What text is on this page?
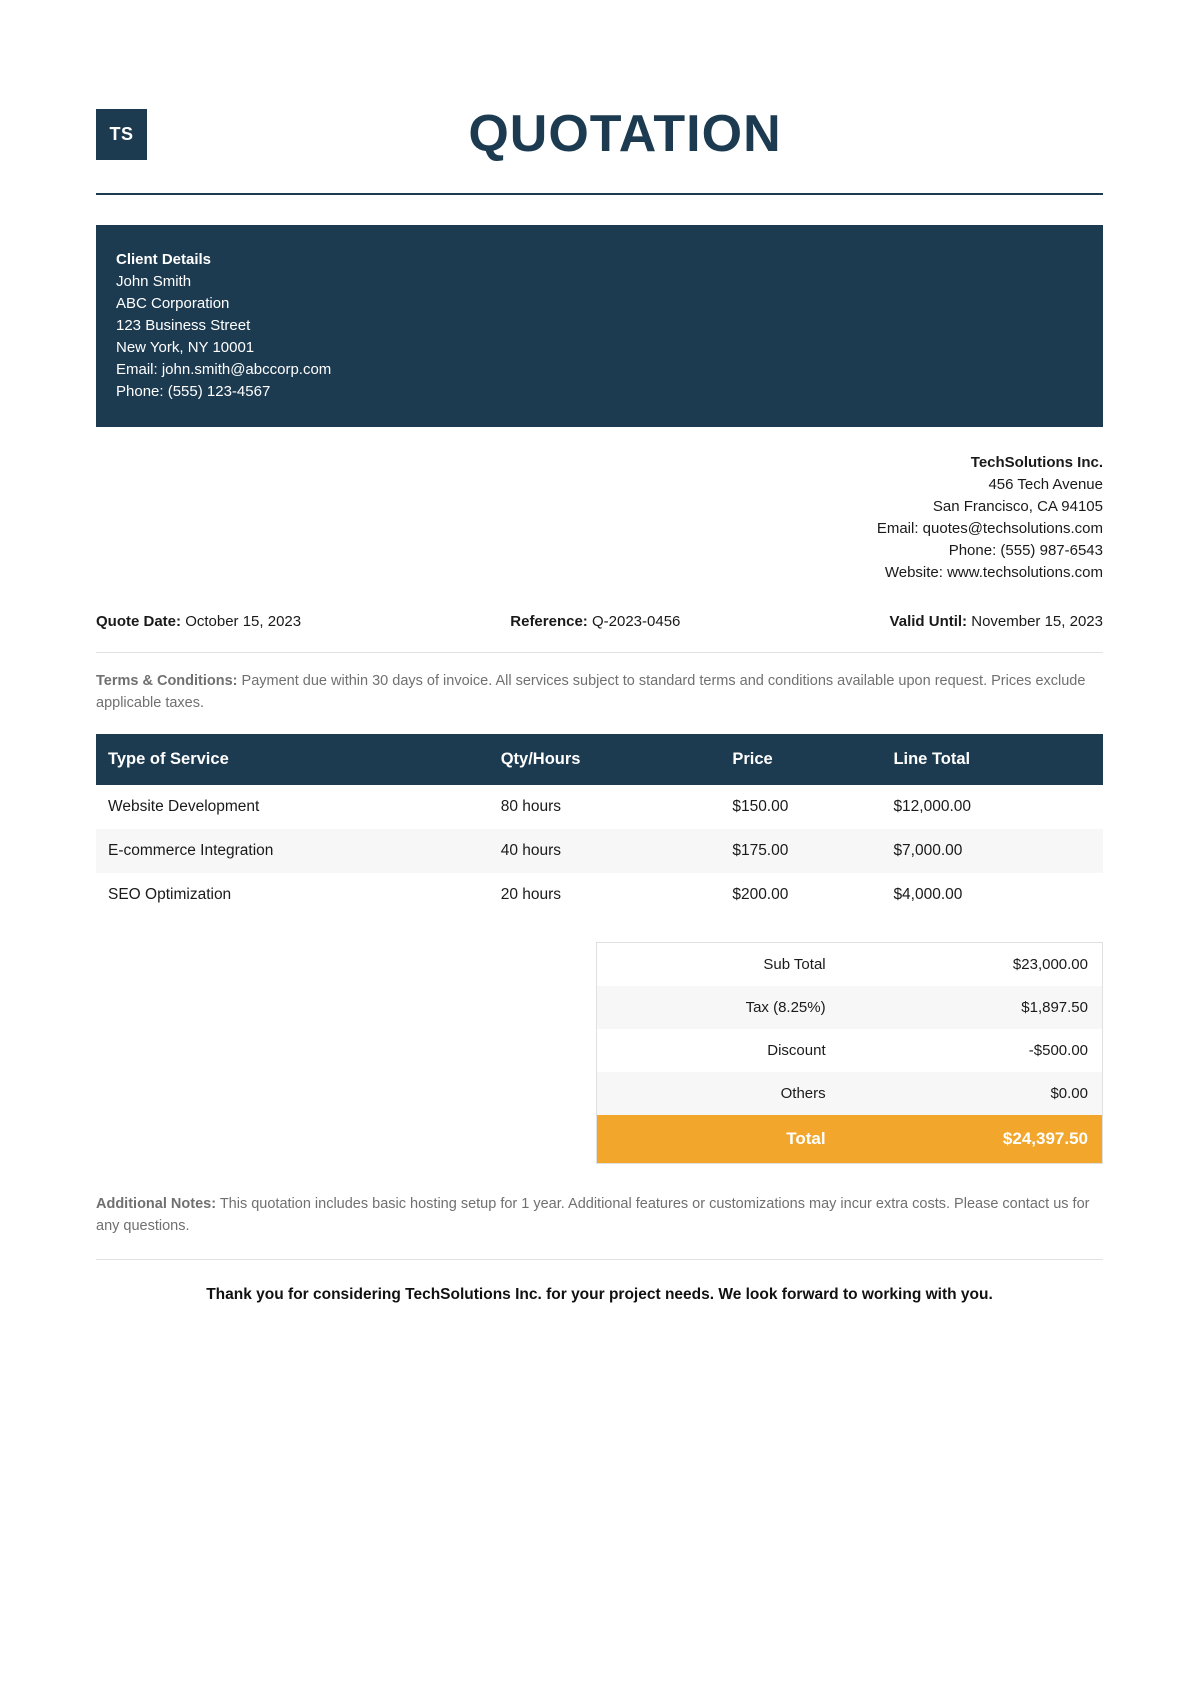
TS	QUOTATION
Client Details
John Smith
ABC Corporation
123 Business Street
New York, NY 10001
Email: john.smith@abccorp.com
Phone: (555) 123-4567
TechSolutions Inc.
456 Tech Avenue
San Francisco, CA 94105
Email: quotes@techsolutions.com
Phone: (555) 987-6543
Website: www.techsolutions.com
Quote Date: October 15, 2023	Reference: Q-2023-0456	Valid Until: November 15, 2023

Terms & Conditions: Payment due within 30 days of invoice. All services subject to standard terms and conditions available upon request. Prices exclude applicable taxes.

Type of Service	Qty/Hours	Price	Line Total
Website Development	80 hours	$150.00	$12,000.00
E-commerce Integration	40 hours	$175.00	$7,000.00
SEO Optimization	20 hours	$200.00	$4,000.00
Sub Total	$23,000.00
Tax (8.25%)	$1,897.50
Discount	-$500.00
Others	$0.00
Total	$24,397.50

Additional Notes: This quotation includes basic hosting setup for 1 year. Additional features or customizations may incur extra costs. Please contact us for any questions.

Thank you for considering TechSolutions Inc. for your project needs. We look forward to working with you.
